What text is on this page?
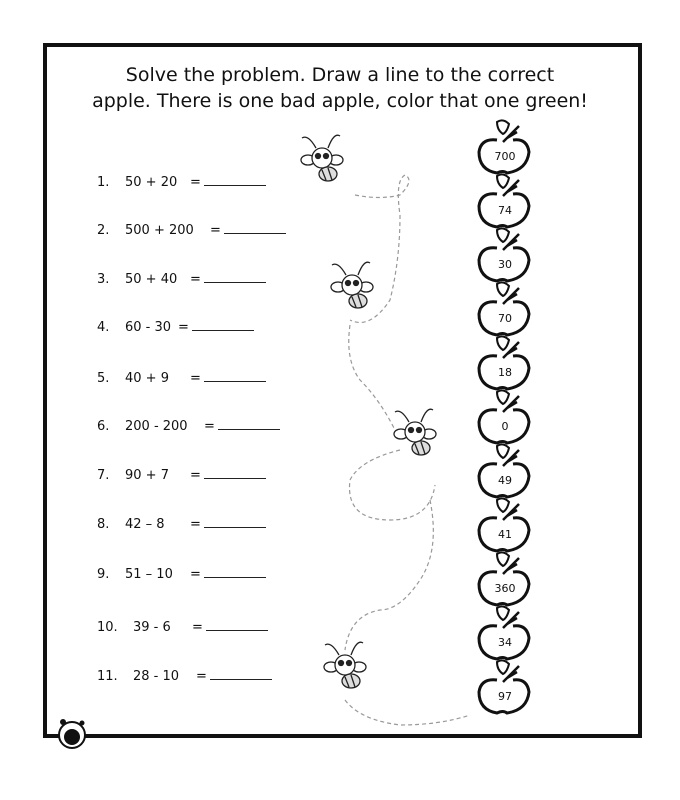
Solve the problem. Draw a line to the correct
apple. There is one bad apple, color that one green!
1. 50 + 20 =
2. 500 + 200 =
3. 50 + 40 =
4. 60 - 30 =
5. 40 + 9 =
6. 200 - 200 =
7. 90 + 7 =
8. 42 – 8 =
9. 51 – 10 =
10. 39 - 6 =
11. 28 - 10 =
700
74
30
70
18
0
49
41
360
34
97
